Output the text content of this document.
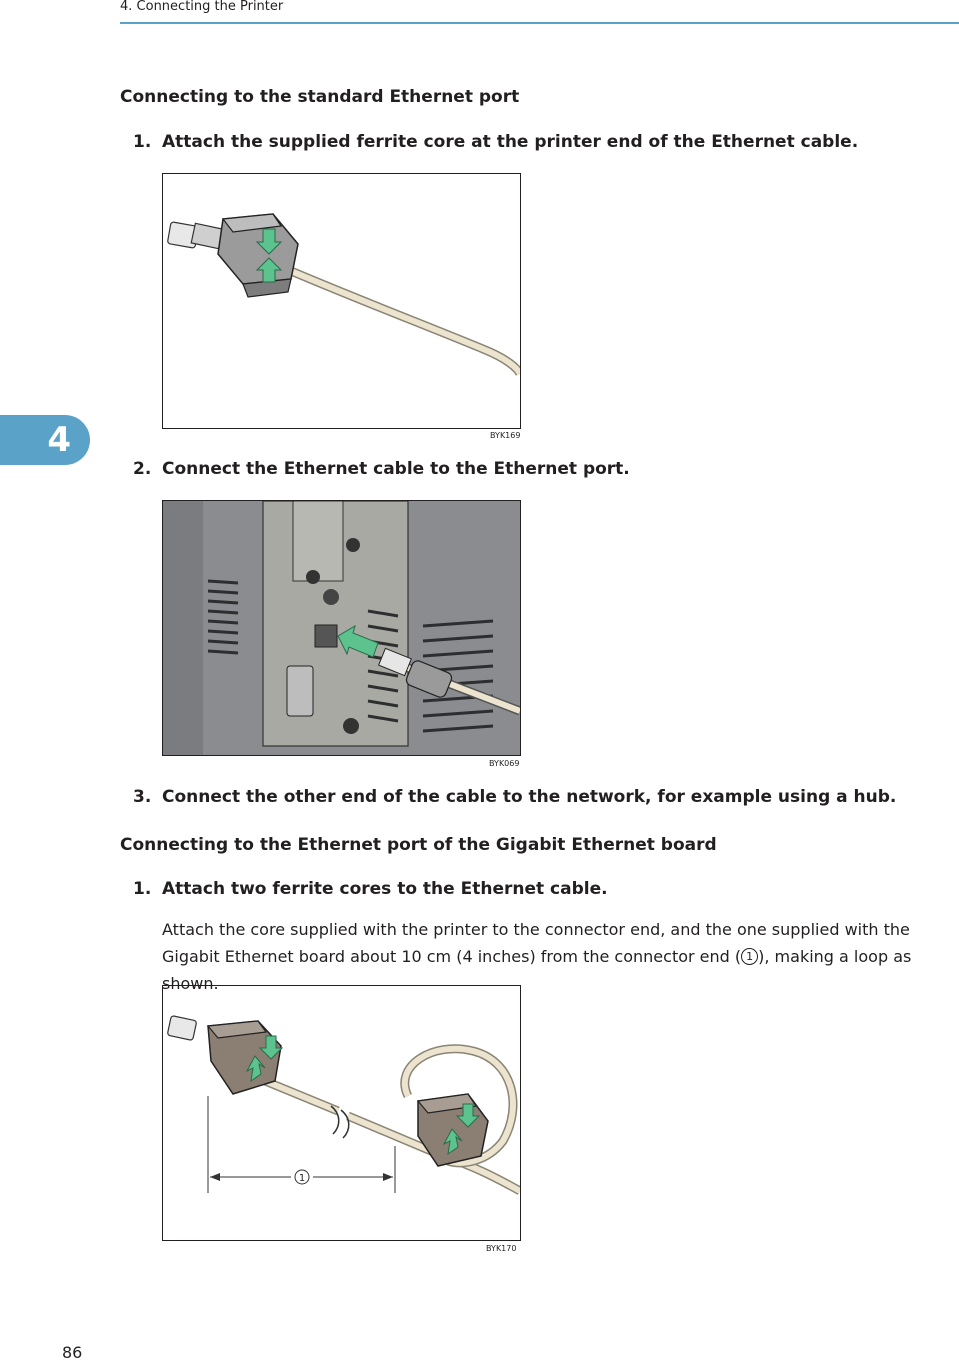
4. Connecting the Printer
4
Connecting to the standard Ethernet port
1. Attach the supplied ferrite core at the printer end of the Ethernet cable.
BYK169
2. Connect the Ethernet cable to the Ethernet port.
BYK069
3. Connect the other end of the cable to the network, for example using a hub.
Connecting to the Ethernet port of the Gigabit Ethernet board
1. Attach two ferrite cores to the Ethernet cable.
Attach the core supplied with the printer to the connector end, and the one supplied with the Gigabit Ethernet board about 10 cm (4 inches) from the connector end ( 1 ), making a loop as shown.
1
BYK170
86
